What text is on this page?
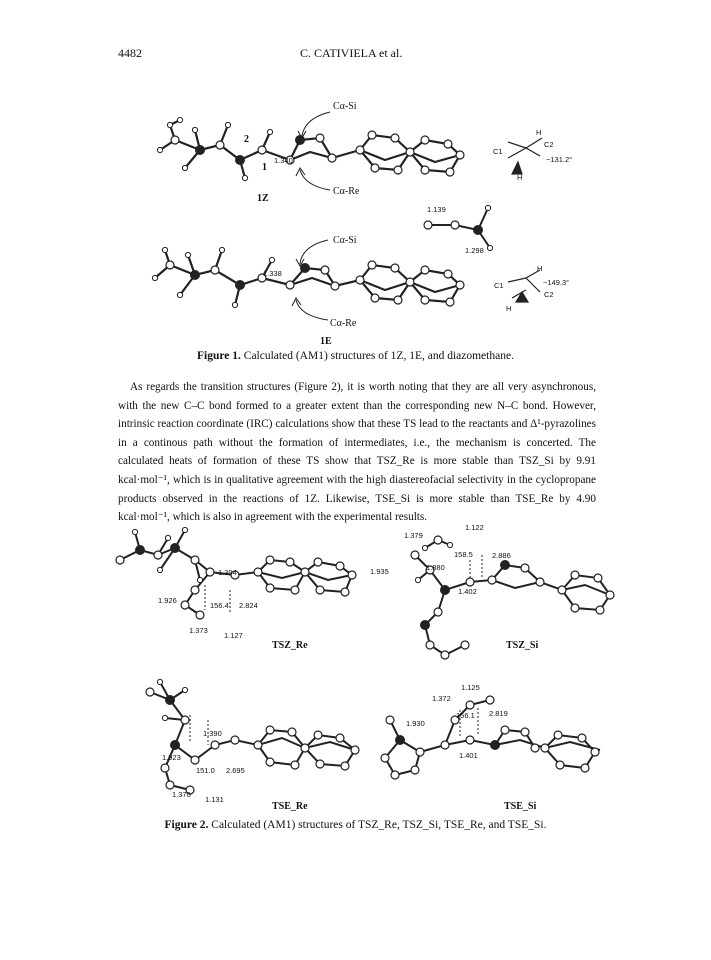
4482	C. CATIVIELA et al.
Cα-Si
Cα-Re
1.340
2
1
1Z
1.139
1.298
−131.2°
H
C2
C1
H
−149.3°
H
C1
C2
H
Cα-Si
Cα-Re
1.338
1E
Figure 1. Calculated (AM1) structures of 1Z, 1E, and diazomethane.

As regards the transition structures (Figure 2), it is worth noting that they are all very asynchronous, with the new C–C bond formed to a greater extent than the corresponding new N–C bond. However, intrinsic reaction coordinate (IRC) calculations show that these TS lead to the reactants and Δ¹-pyrazolines in a continous path without the formation of intermediates, i.e., the mechanism is concerted. The calculated heats of formation of these TS show that TSZ_Re is more stable than TSZ_Si by 9.91 kcal·mol⁻¹, which is in qualitative agreement with the high diastereofacial selectivity in the cyclopropane products observed in the reactions of 1Z. Likewise, TSE_Si is more stable than TSE_Re by 4.90 kcal·mol⁻¹, which is also in agreement with the experimental results.

1.394
1.926
156.4 2.824
1.373
1.127
TSZ_Re
1.122
1.379
158.5	2.886
1.935	1.880
1.402
TSZ_Si
1.390
1.923
151.0 2.695
1.370
1.131
TSE_Re
1.125
1.372
156.1 2.819
1.930
1.401
TSE_Si
Figure 2. Calculated (AM1) structures of TSZ_Re, TSZ_Si, TSE_Re, and TSE_Si.
